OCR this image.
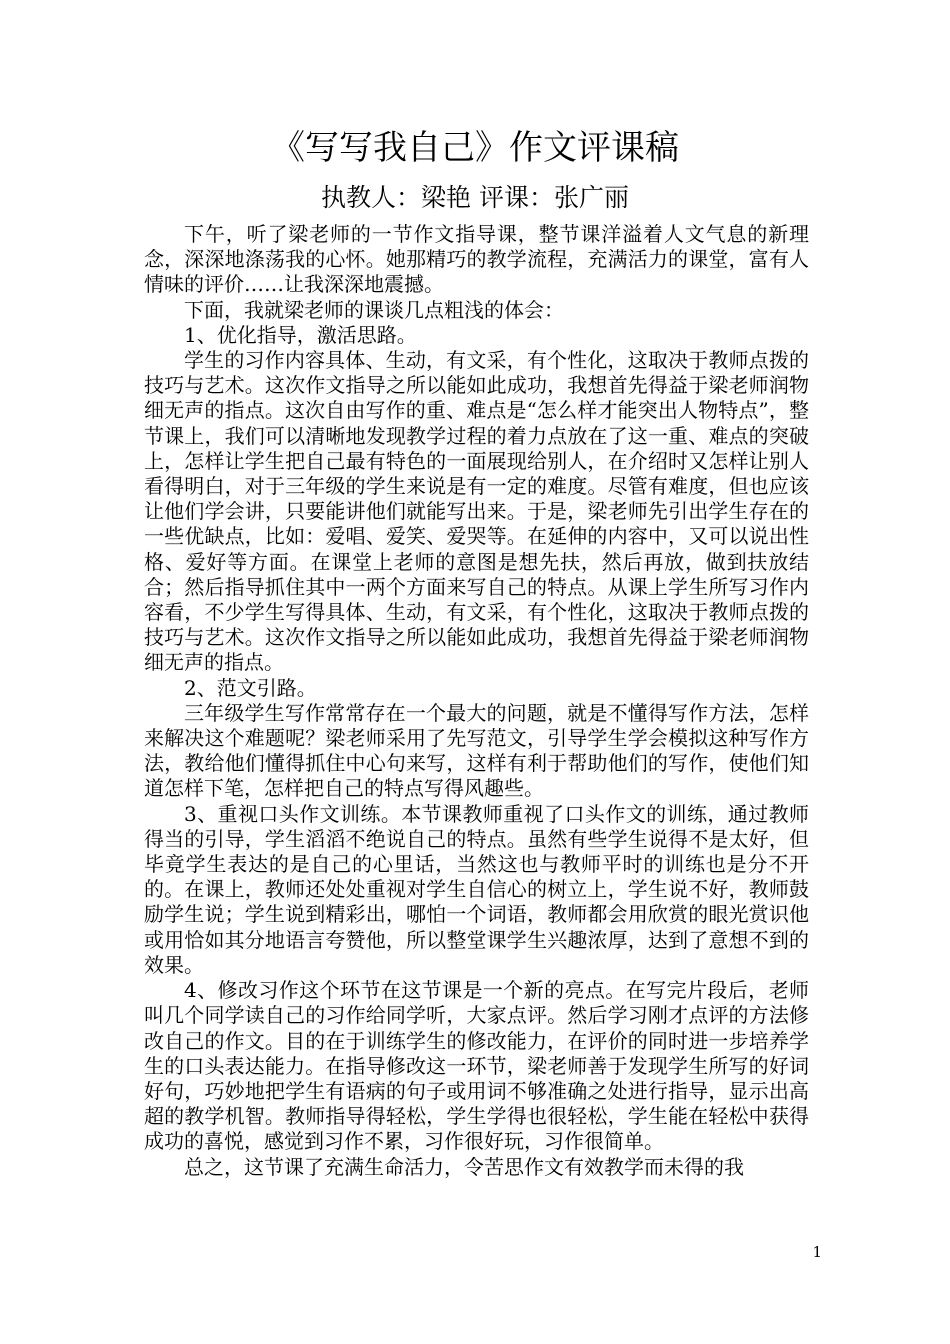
《写写我自己》作文评课稿
执教人：梁艳 评课：张广丽

下午，听了梁老师的一节作文指导课，整节课洋溢着人文气息的新理念，深深地涤荡我的心怀。她那精巧的教学流程，充满活力的课堂，富有人情味的评价……让我深深地震撼。

下面，我就梁老师的课谈几点粗浅的体会：

1、优化指导，激活思路。

学生的习作内容具体、生动，有文采，有个性化，这取决于教师点拨的技巧与艺术。这次作文指导之所以能如此成功，我想首先得益于梁老师润物细无声的指点。这次自由写作的重、难点是“怎么样才能突出人物特点”，整节课上，我们可以清晰地发现教学过程的着力点放在了这一重、难点的突破上，怎样让学生把自己最有特色的一面展现给别人，在介绍时又怎样让别人看得明白，对于三年级的学生来说是有一定的难度。尽管有难度，但也应该让他们学会讲，只要能讲他们就能写出来。于是，梁老师先引出学生存在的一些优缺点，比如：爱唱、爱笑、爱哭等。在延伸的内容中，又可以说出性格、爱好等方面。在课堂上老师的意图是想先扶，然后再放，做到扶放结合；然后指导抓住其中一两个方面来写自己的特点。从课上学生所写习作内容看，不少学生写得具体、生动，有文采，有个性化，这取决于教师点拨的技巧与艺术。这次作文指导之所以能如此成功，我想首先得益于梁老师润物细无声的指点。

2、范文引路。

三年级学生写作常常存在一个最大的问题，就是不懂得写作方法，怎样来解决这个难题呢？梁老师采用了先写范文，引导学生学会模拟这种写作方法，教给他们懂得抓住中心句来写，这样有利于帮助他们的写作，使他们知道怎样下笔，怎样把自己的特点写得风趣些。

3、重视口头作文训练。本节课教师重视了口头作文的训练，通过教师得当的引导，学生滔滔不绝说自己的特点。虽然有些学生说得不是太好，但毕竟学生表达的是自己的心里话，当然这也与教师平时的训练也是分不开的。在课上，教师还处处重视对学生自信心的树立上，学生说不好，教师鼓励学生说；学生说到精彩出，哪怕一个词语，教师都会用欣赏的眼光赏识他或用恰如其分地语言夸赞他，所以整堂课学生兴趣浓厚，达到了意想不到的效果。

4、修改习作这个环节在这节课是一个新的亮点。在写完片段后，老师叫几个同学读自己的习作给同学听，大家点评。然后学习刚才点评的方法修改自己的作文。目的在于训练学生的修改能力，在评价的同时进一步培养学生的口头表达能力。在指导修改这一环节，梁老师善于发现学生所写的好词好句，巧妙地把学生有语病的句子或用词不够准确之处进行指导，显示出高超的教学机智。教师指导得轻松，学生学得也很轻松，学生能在轻松中获得成功的喜悦，感觉到习作不累，习作很好玩，习作很简单。

总之，这节课了充满生命活力，令苦思作文有效教学而未得的我

1
